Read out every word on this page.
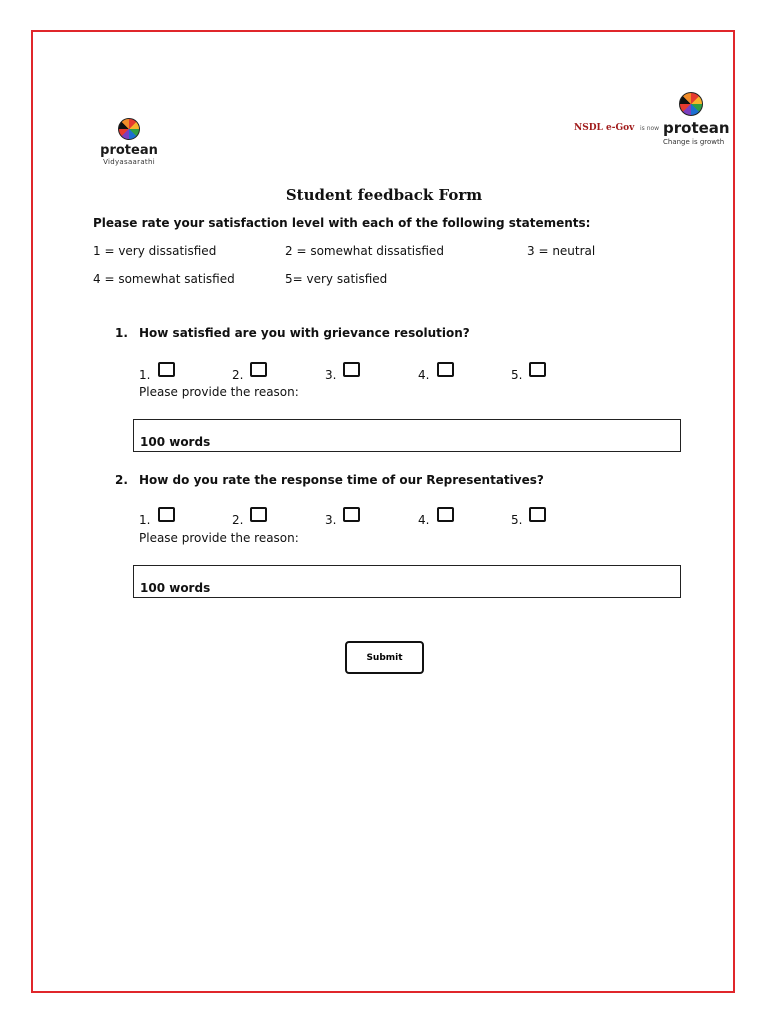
protean
Vidyasaarathi
NSDL e-Gov is now protean
Change is growth
Student feedback Form
Please rate your satisfaction level with each of the following statements:
1 = very dissatisfied	2 = somewhat dissatisfied	3 = neutral
4 = somewhat satisfied	5= very satisfied
1. How satisfied are you with grievance resolution?
1.	2.	3.	4.	5.
Please provide the reason:
100 words
2. How do you rate the response time of our Representatives?
1.	2.	3.	4.	5.
Please provide the reason:
100 words
Submit
